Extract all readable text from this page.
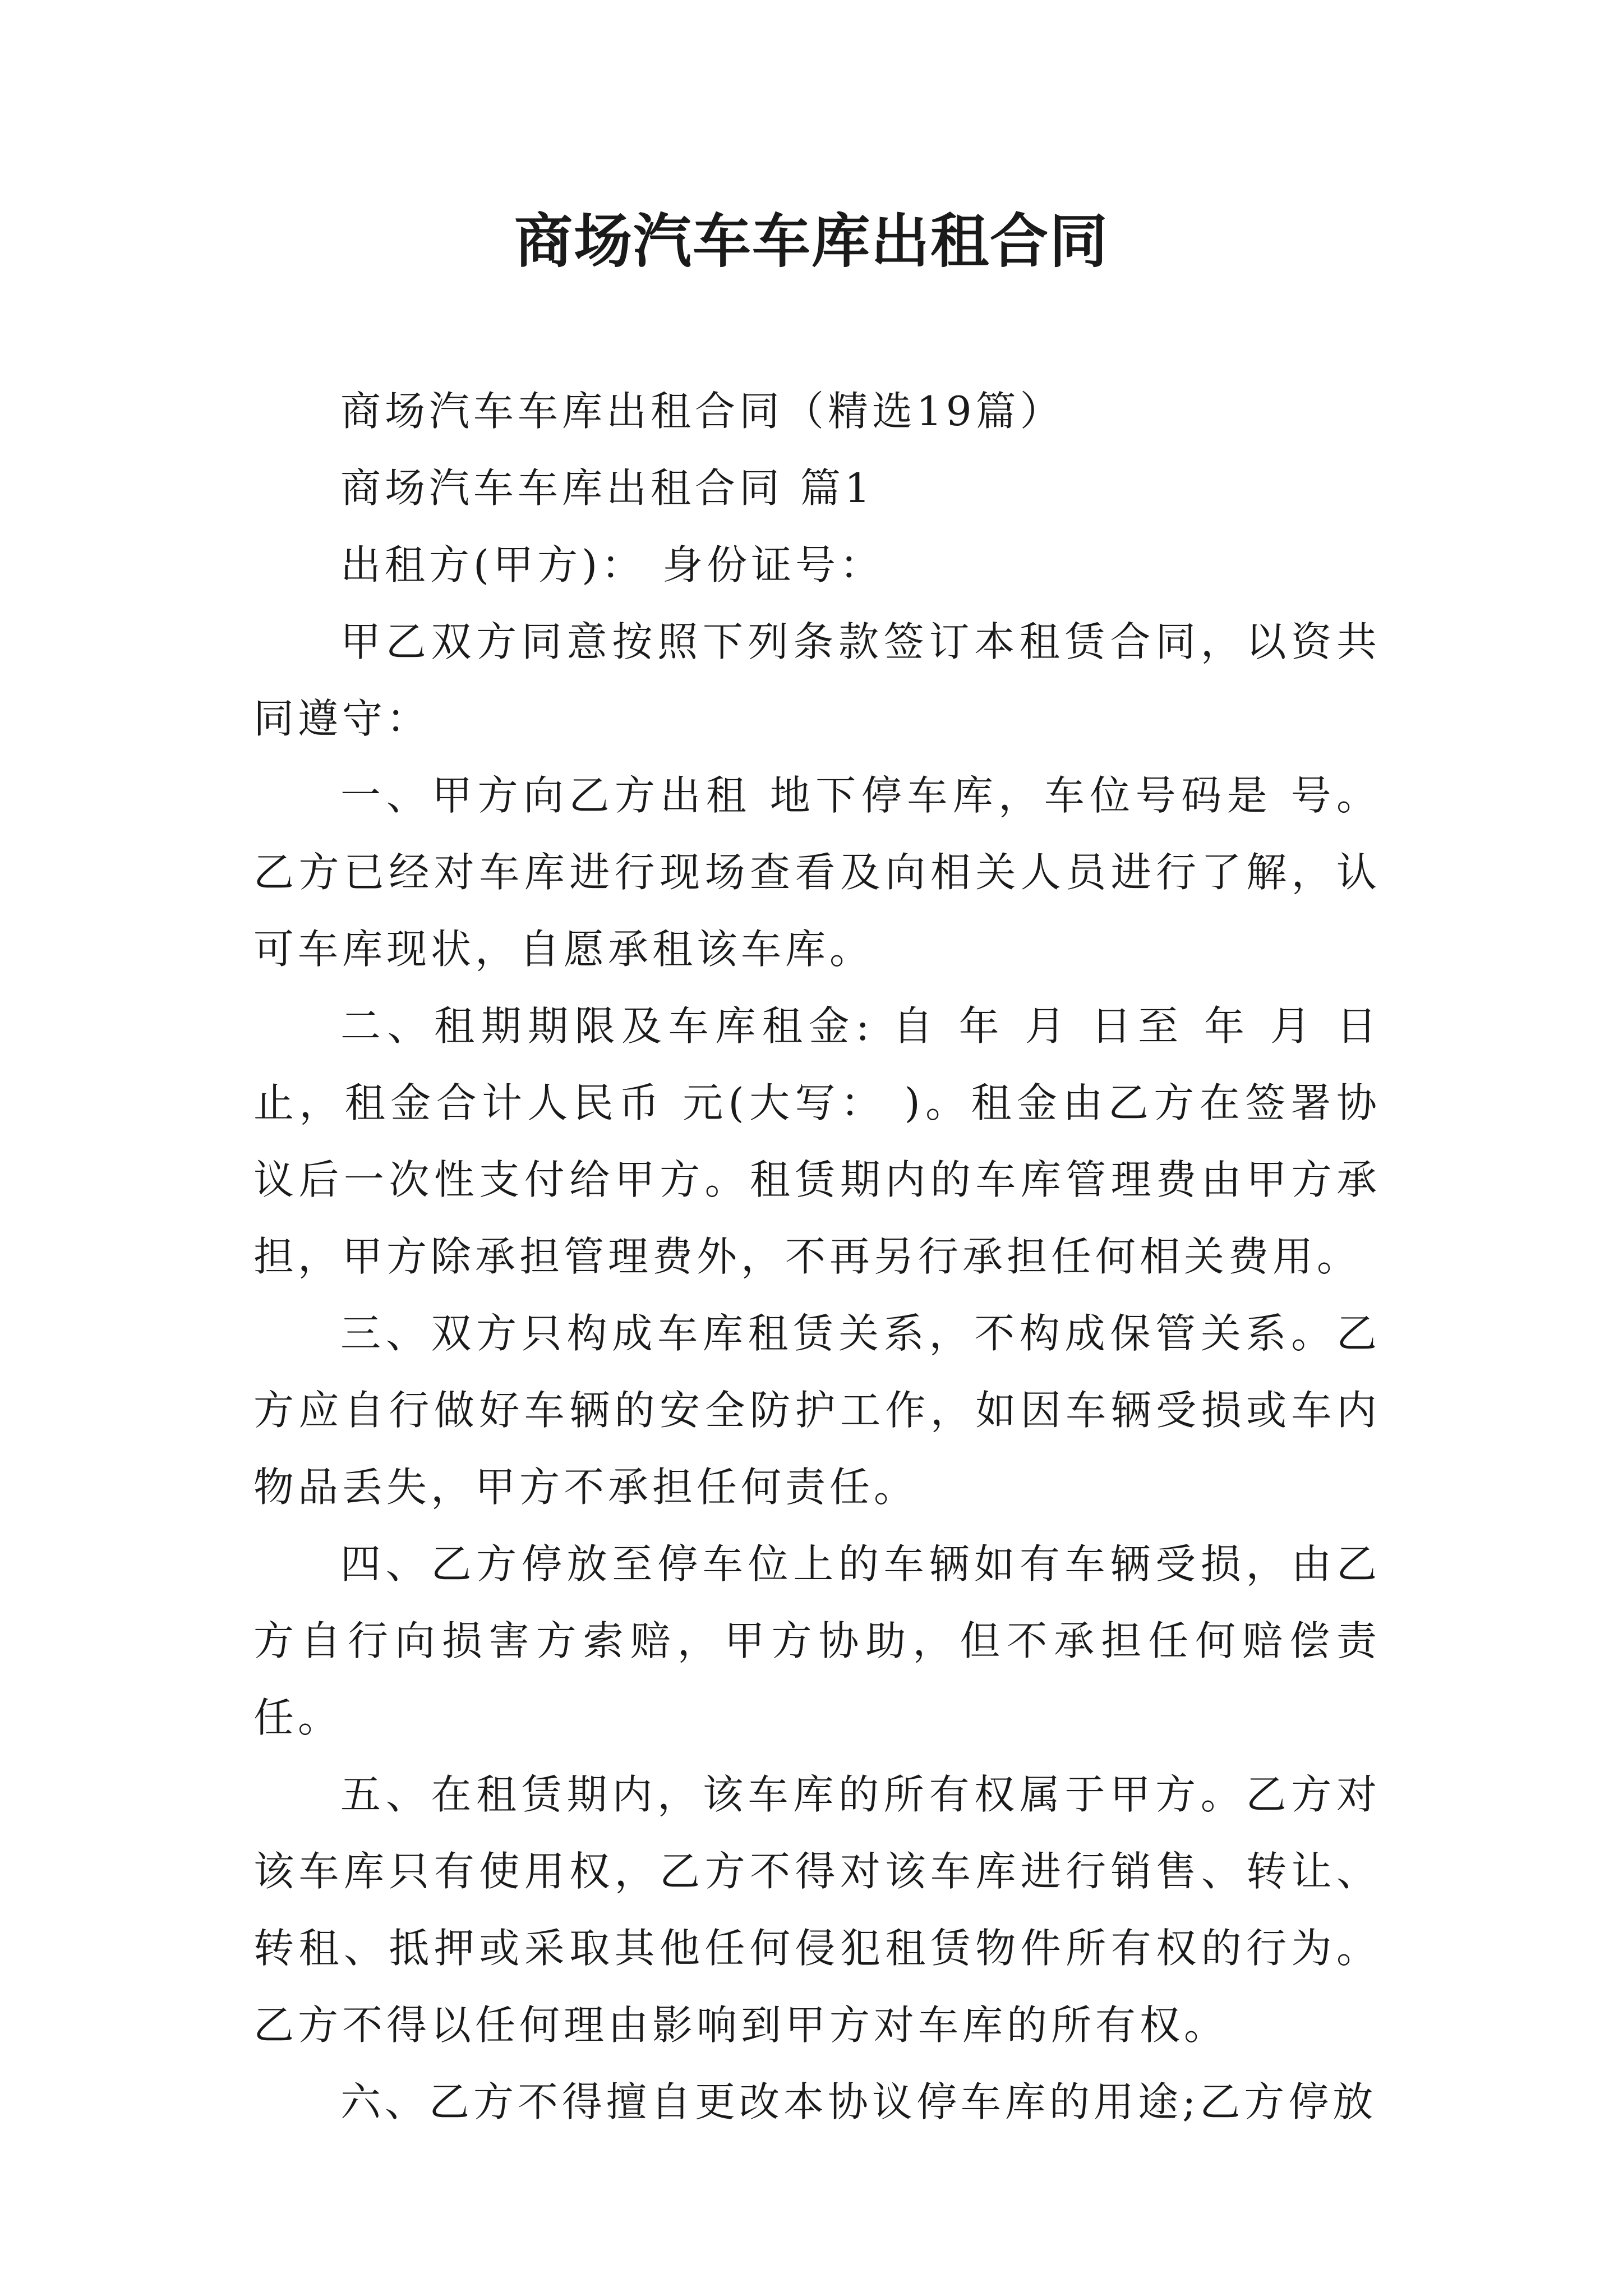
商场汽车车库出租合同

商场汽车车库出租合同（精选19篇）

商场汽车车库出租合同 篇1

出租方(甲方)： 身份证号：

甲乙双方同意按照下列条款签订本租赁合同，以资共同遵守：

一、甲方向乙方出租 地下停车库，车位号码是 号。乙方已经对车库进行现场查看及向相关人员进行了解，认可车库现状，自愿承租该车库。

二、租期期限及车库租金: 自 年 月 日至 年 月 日止，租金合计人民币 元(大写： )。租金由乙方在签署协议后一次性支付给甲方。租赁期内的车库管理费由甲方承担，甲方除承担管理费外，不再另行承担任何相关费用。

三、双方只构成车库租赁关系，不构成保管关系。乙方应自行做好车辆的安全防护工作，如因车辆受损或车内物品丢失，甲方不承担任何责任。

四、乙方停放至停车位上的车辆如有车辆受损，由乙方自行向损害方索赔，甲方协助，但不承担任何赔偿责任。

五、在租赁期内，该车库的所有权属于甲方。乙方对该车库只有使用权，乙方不得对该车库进行销售、转让、转租、抵押或采取其他任何侵犯租赁物件所有权的行为。乙方不得以任何理由影响到甲方对车库的所有权。

六、乙方不得擅自更改本协议停车库的用途;乙方停放
